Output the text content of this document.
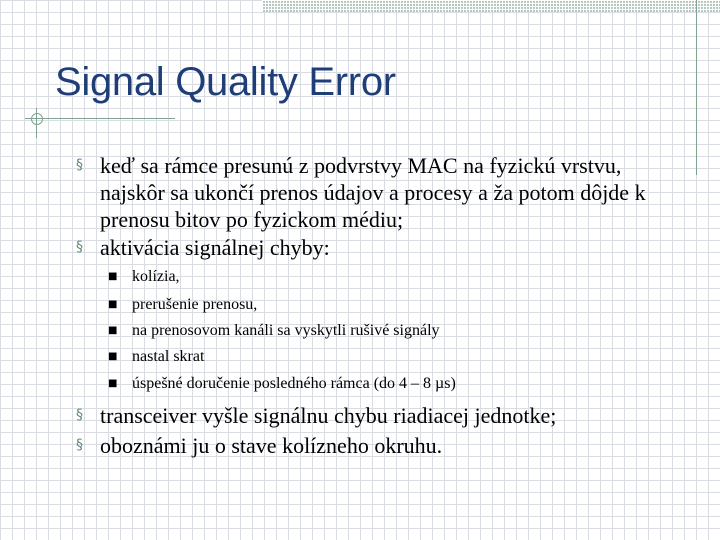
Signal Quality Error

§ keď sa rámce presunú z podvrstvy MAC na fyzickú vrstvu, najskôr sa ukončí prenos údajov a procesy a ža potom dôjde k prenosu bitov po fyzickom médiu;

§ aktivácia signálnej chyby:

■ kolízia,

■ prerušenie prenosu,

■ na prenosovom kanáli sa vyskytli rušivé signály

■ nastal skrat

■ úspešné doručenie posledného rámca (do 4 – 8 µs)

§ transceiver vyšle signálnu chybu riadiacej jednotke;

§ oboznámi ju o stave kolízneho okruhu.
